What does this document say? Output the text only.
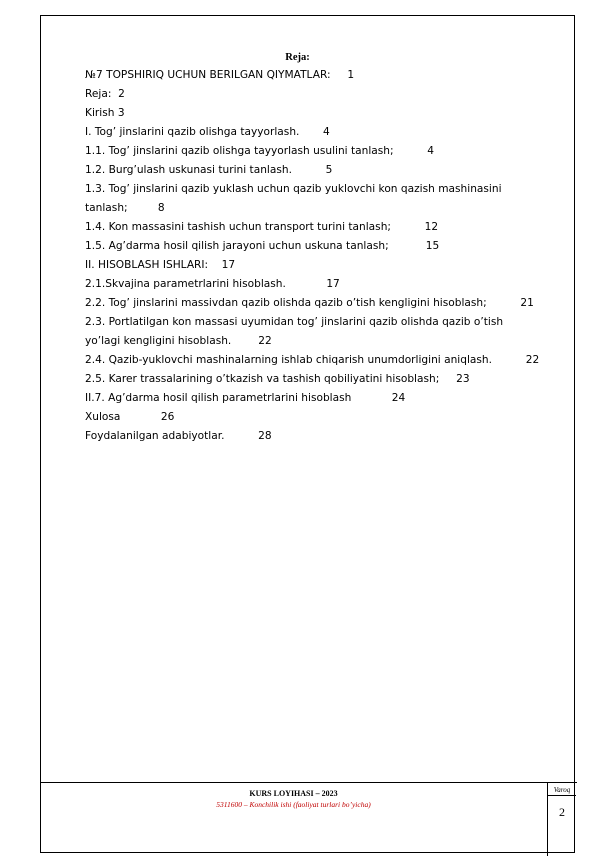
Reja:
№7 TOPSHIRIQ UCHUN BERILGAN QIYMATLAR: 1
Reja: 2
Kirish 3
I. Tog’ jinslarini qazib olishga tayyorlash. 4
1.1. Tog’ jinslarini qazib olishga tayyorlash usulini tanlash;	4
1.2. Burg’ulash uskunasi turini tanlash.	5
1.3. Tog’ jinslarini qazib yuklash uchun qazib yuklovchi kon qazish mashinasini tanlash;	8
1.4. Kon massasini tashish uchun transport turini tanlash;	12
1.5. Ag’darma hosil qilish jarayoni uchun uskuna tanlash;	15
II. HISOBLASH ISHLARI: 17
2.1.Skvajina parametrlarini hisoblash.	17
2.2. Tog’ jinslarini massivdan qazib olishda qazib o’tish kengligini hisoblash;	21
2.3. Portlatilgan kon massasi uyumidan tog’ jinslarini qazib olishda qazib o’tish yo’lagi kengligini hisoblash.	22
2.4. Qazib-yuklovchi mashinalarning ishlab chiqarish unumdorligini aniqlash.	22
2.5. Karer trassalarining o’tkazish va tashish qobiliyatini hisoblash; 23
II.7. Ag’darma hosil qilish parametrlarini hisoblash	24
Xulosa	26
Foydalanilgan adabiyotlar.	28
KURS LOYIHASI – 2023
5311600 – Konchilik ishi (faoliyat turlari bo’yicha)
Varoq
2
